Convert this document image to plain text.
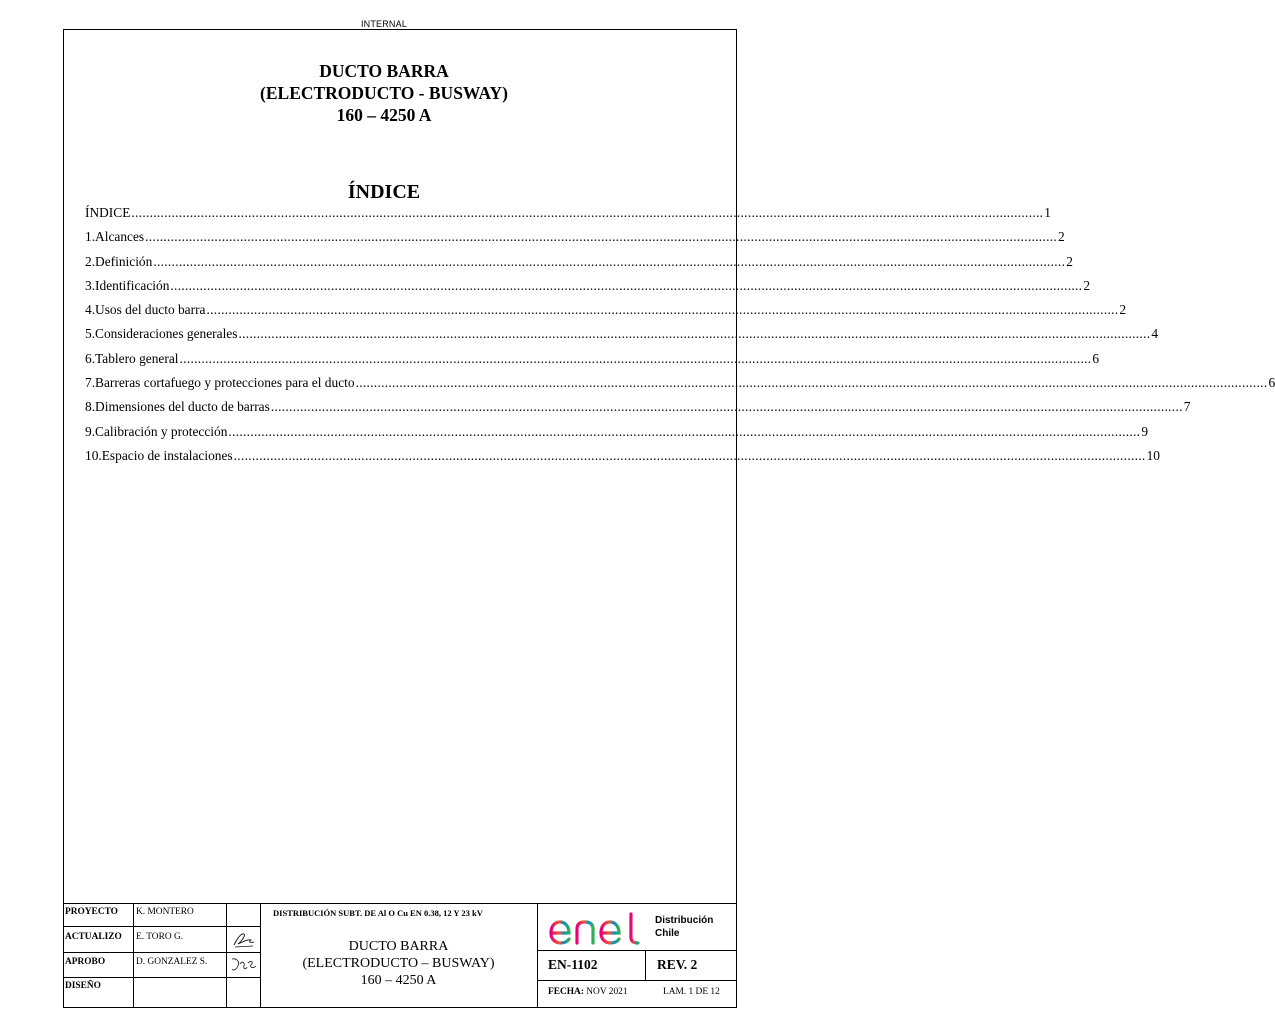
INTERNAL
DUCTO BARRA
(ELECTRODUCTO - BUSWAY)
160 – 4250 A
ÍNDICE
ÍNDICE .....	1
1. Alcances .....	2
2. Definición .....	2
3. Identificación .....	2
4. Usos del ducto barra .....	2
5. Consideraciones generales .....	4
6. Tablero general .....	6
7. Barreras cortafuego y protecciones para el ducto .....	6
8. Dimensiones del ducto de barras .....	7
9. Calibración y protección .....	9
10. Espacio de instalaciones .....	10
PROYECTO K. MONTERO
ACTUALIZO E. TORO G.
APROBO	D. GONZALEZ S.
DISEÑO
DISTRIBUCIÓN SUBT. DE Al O Cu EN 0.38, 12 Y 23 kV
DUCTO BARRA
(ELECTRODUCTO – BUSWAY)
160 – 4250 A
enel
Distribución
Chile
EN-1102	REV. 2
FECHA: NOV 2021	LAM. 1 DE 12
